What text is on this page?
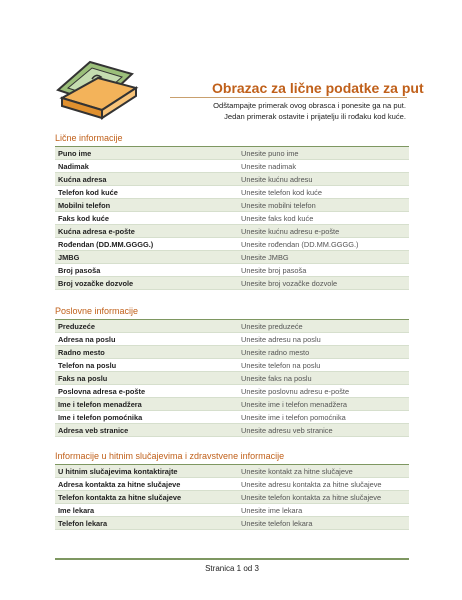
Obrazac za lične podatke za put
Odštampajte primerak ovog obrasca i ponesite ga na put.
Jedan primerak ostavite i prijatelju ili rođaku kod kuće.
Lične informacije
Puno ime	Unesite puno ime
Nadimak	Unesite nadimak
Kućna adresa	Unesite kućnu adresu
Telefon kod kuće	Unesite telefon kod kuće
Mobilni telefon	Unesite mobilni telefon
Faks kod kuće	Unesite faks kod kuće
Kućna adresa e-pošte	Unesite kućnu adresu e-pošte
Rođendan (DD.MM.GGGG.)	Unesite rođendan (DD.MM.GGGG.)
JMBG	Unesite JMBG
Broj pasoša	Unesite broj pasoša
Broj vozačke dozvole	Unesite broj vozačke dozvole
Poslovne informacije
Preduzeće	Unesite preduzeće
Adresa na poslu	Unesite adresu na poslu
Radno mesto	Unesite radno mesto
Telefon na poslu	Unesite telefon na poslu
Faks na poslu	Unesite faks na poslu
Poslovna adresa e-pošte	Unesite poslovnu adresu e-pošte
Ime i telefon menadžera	Unesite ime i telefon menadžera
Ime i telefon pomoćnika	Unesite ime i telefon pomoćnika
Adresa veb stranice	Unesite adresu veb stranice
Informacije u hitnim slučajevima i zdravstvene informacije
U hitnim slučajevima kontaktirajte	Unesite kontakt za hitne slučajeve
Adresa kontakta za hitne slučajeve	Unesite adresu kontakta za hitne slučajeve
Telefon kontakta za hitne slučajeve	Unesite telefon kontakta za hitne slučajeve
Ime lekara	Unesite ime lekara
Telefon lekara	Unesite telefon lekara
Stranica 1 od 3
